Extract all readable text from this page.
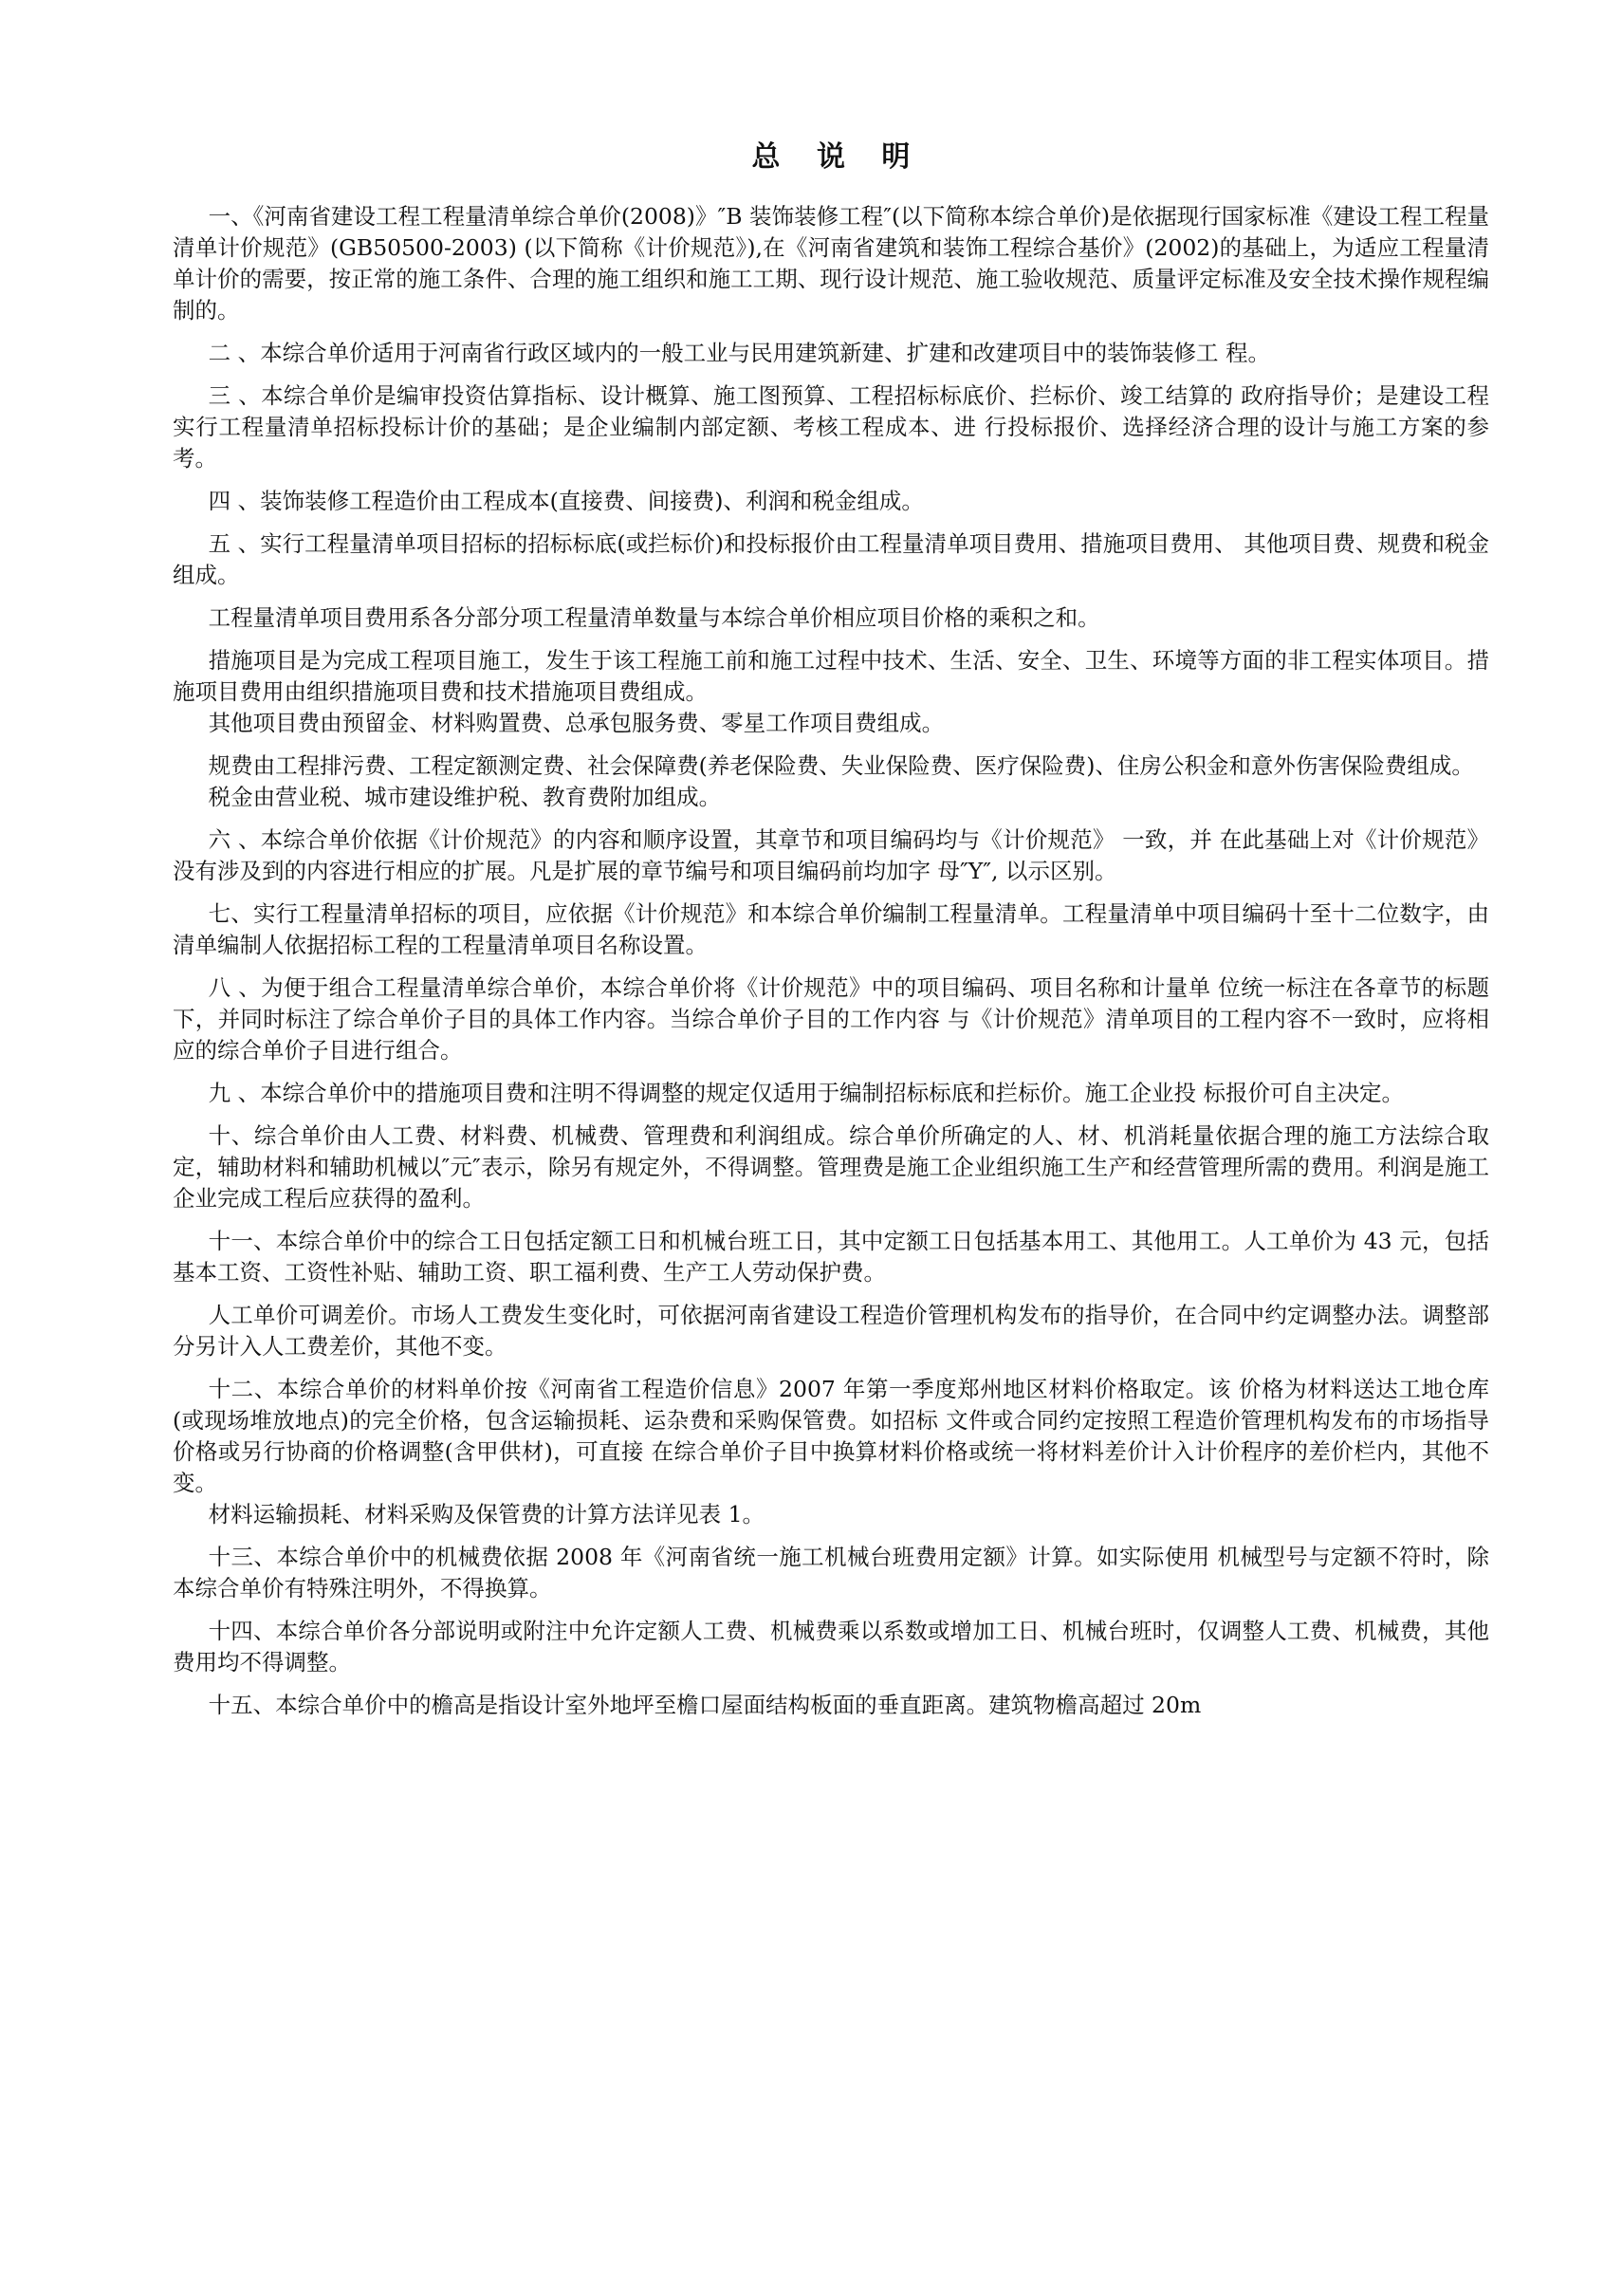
总 说 明

一、《河南省建设工程工程量清单综合单价(2008)》″B 装饰装修工程″(以下简称本综合单价)是依据现行国家标准《建设工程工程量清单计价规范》(GB50500-2003) (以下简称《计价规范》),在《河南省建筑和装饰工程综合基价》(2002)的基础上，为适应工程量清单计价的需要，按正常的施工条件、合理的施工组织和施工工期、现行设计规范、施工验收规范、质量评定标准及安全技术操作规程编制的。

二 、本综合单价适用于河南省行政区域内的一般工业与民用建筑新建、扩建和改建项目中的装饰装修工 程。

三 、本综合单价是编审投资估算指标、设计概算、施工图预算、工程招标标底价、拦标价、竣工结算的 政府指导价；是建设工程实行工程量清单招标投标计价的基础；是企业编制内部定额、考核工程成本、进 行投标报价、选择经济合理的设计与施工方案的参考。

四 、装饰装修工程造价由工程成本(直接费、间接费)、利润和税金组成。

五 、实行工程量清单项目招标的招标标底(或拦标价)和投标报价由工程量清单项目费用、措施项目费用、 其他项目费、规费和税金组成。

工程量清单项目费用系各分部分项工程量清单数量与本综合单价相应项目价格的乘积之和。

措施项目是为完成工程项目施工，发生于该工程施工前和施工过程中技术、生活、安全、卫生、环境等方面的非工程实体项目。措施项目费用由组织措施项目费和技术措施项目费组成。

其他项目费由预留金、材料购置费、总承包服务费、零星工作项目费组成。

规费由工程排污费、工程定额测定费、社会保障费(养老保险费、失业保险费、医疗保险费)、住房公积金和意外伤害保险费组成。

税金由营业税、城市建设维护税、教育费附加组成。

六 、本综合单价依据《计价规范》的内容和顺序设置，其章节和项目编码均与《计价规范》 一致，并 在此基础上对《计价规范》没有涉及到的内容进行相应的扩展。凡是扩展的章节编号和项目编码前均加字 母″Y″, 以示区别。

七、实行工程量清单招标的项目，应依据《计价规范》和本综合单价编制工程量清单。工程量清单中项目编码十至十二位数字，由清单编制人依据招标工程的工程量清单项目名称设置。

八 、为便于组合工程量清单综合单价，本综合单价将《计价规范》中的项目编码、项目名称和计量单 位统一标注在各章节的标题下，并同时标注了综合单价子目的具体工作内容。当综合单价子目的工作内容 与《计价规范》清单项目的工程内容不一致时，应将相应的综合单价子目进行组合。

九 、本综合单价中的措施项目费和注明不得调整的规定仅适用于编制招标标底和拦标价。施工企业投 标报价可自主决定。

十、综合单价由人工费、材料费、机械费、管理费和利润组成。综合单价所确定的人、材、机消耗量依据合理的施工方法综合取定，辅助材料和辅助机械以″元″表示，除另有规定外，不得调整。管理费是施工企业组织施工生产和经营管理所需的费用。利润是施工企业完成工程后应获得的盈利。

十一、本综合单价中的综合工日包括定额工日和机械台班工日，其中定额工日包括基本用工、其他用工。人工单价为 43 元，包括基本工资、工资性补贴、辅助工资、职工福利费、生产工人劳动保护费。

人工单价可调差价。市场人工费发生变化时，可依据河南省建设工程造价管理机构发布的指导价，在合同中约定调整办法。调整部分另计入人工费差价，其他不变。

十二、本综合单价的材料单价按《河南省工程造价信息》2007 年第一季度郑州地区材料价格取定。该 价格为材料送达工地仓库(或现场堆放地点)的完全价格，包含运输损耗、运杂费和采购保管费。如招标 文件或合同约定按照工程造价管理机构发布的市场指导价格或另行协商的价格调整(含甲供材)，可直接 在综合单价子目中换算材料价格或统一将材料差价计入计价程序的差价栏内，其他不变。

材料运输损耗、材料采购及保管费的计算方法详见表 1。

十三、本综合单价中的机械费依据 2008 年《河南省统一施工机械台班费用定额》计算。如实际使用 机械型号与定额不符时，除本综合单价有特殊注明外，不得换算。

十四、本综合单价各分部说明或附注中允许定额人工费、机械费乘以系数或增加工日、机械台班时，仅调整人工费、机械费，其他费用均不得调整。

十五、本综合单价中的檐高是指设计室外地坪至檐口屋面结构板面的垂直距离。建筑物檐高超过 20m
